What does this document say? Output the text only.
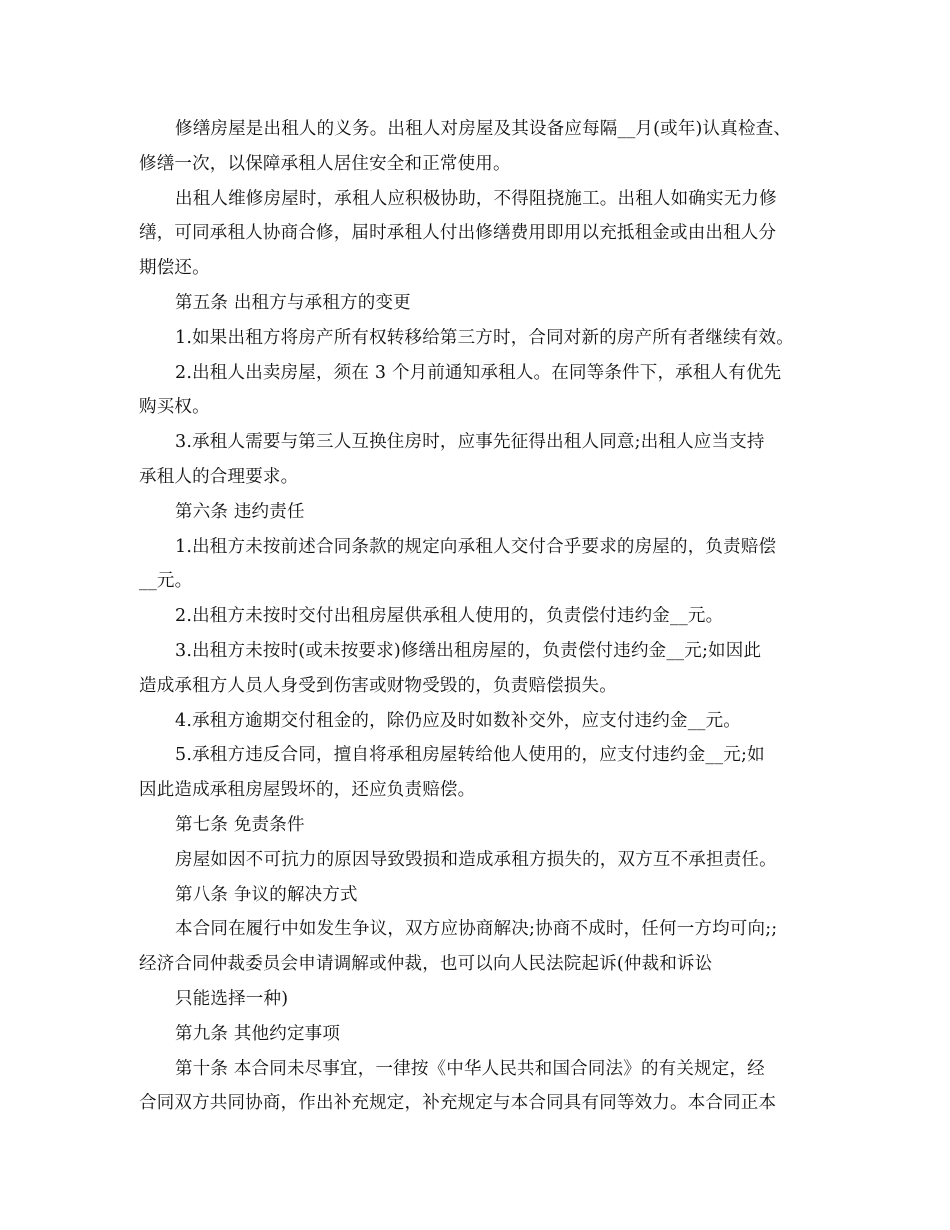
修缮房屋是出租人的义务。出租人对房屋及其设备应每隔__月(或年)认真检查、
修缮一次，以保障承租人居住安全和正常使用。
出租人维修房屋时，承租人应积极协助，不得阻挠施工。出租人如确实无力修
缮，可同承租人协商合修，届时承租人付出修缮费用即用以充抵租金或由出租人分
期偿还。
第五条 出租方与承租方的变更
1.如果出租方将房产所有权转移给第三方时，合同对新的房产所有者继续有效。
2.出租人出卖房屋，须在 3 个月前通知承租人。在同等条件下，承租人有优先
购买权。
3.承租人需要与第三人互换住房时，应事先征得出租人同意;出租人应当支持
承租人的合理要求。
第六条 违约责任
1.出租方未按前述合同条款的规定向承租人交付合乎要求的房屋的，负责赔偿
__元。
2.出租方未按时交付出租房屋供承租人使用的，负责偿付违约金__元。
3.出租方未按时(或未按要求)修缮出租房屋的，负责偿付违约金__元;如因此
造成承租方人员人身受到伤害或财物受毁的，负责赔偿损失。
4.承租方逾期交付租金的，除仍应及时如数补交外，应支付违约金__元。
5.承租方违反合同，擅自将承租房屋转给他人使用的，应支付违约金__元;如
因此造成承租房屋毁坏的，还应负责赔偿。
第七条 免责条件
房屋如因不可抗力的原因导致毁损和造成承租方损失的，双方互不承担责任。
第八条 争议的解决方式
本合同在履行中如发生争议，双方应协商解决;协商不成时，任何一方均可向;;
经济合同仲裁委员会申请调解或仲裁，也可以向人民法院起诉(仲裁和诉讼
只能选择一种)
第九条 其他约定事项
第十条 本合同未尽事宜，一律按《中华人民共和国合同法》的有关规定，经
合同双方共同协商，作出补充规定，补充规定与本合同具有同等效力。本合同正本
